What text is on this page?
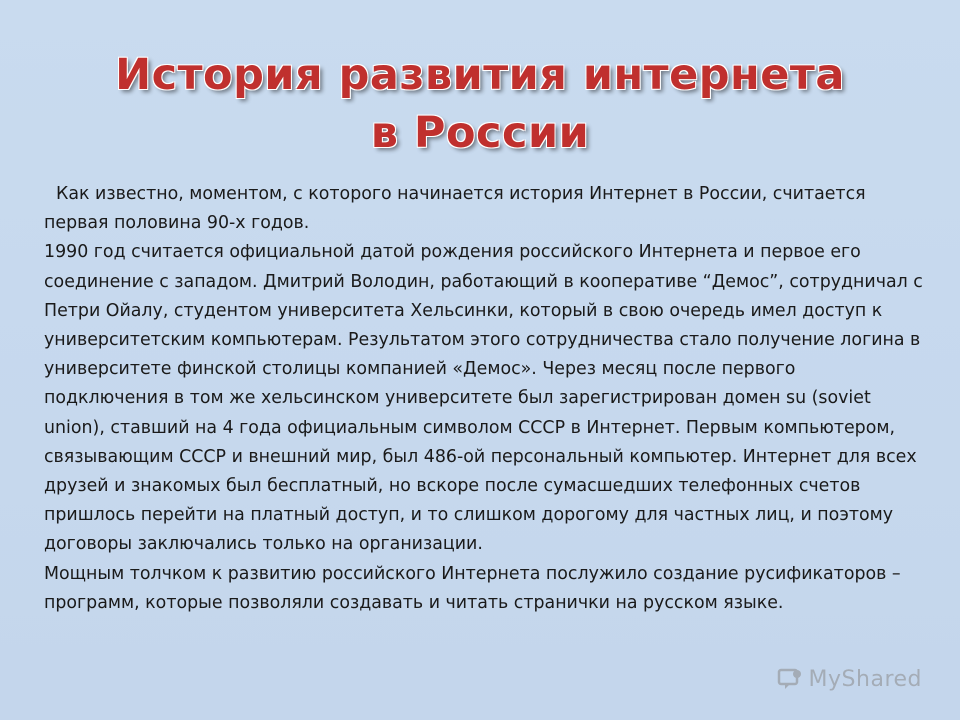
История развития интернета
в России

Как известно, моментом, с которого начинается история Интернет в России, считается первая половина 90-х годов.

1990 год считается официальной датой рождения российского Интернета и первое его соединение с западом. Дмитрий Володин, работающий в кооперативе “Демос”, сотрудничал с Петри Ойалу, студентом университета Хельсинки, который в свою очередь имел доступ к университетским компьютерам. Результатом этого сотрудничества стало получение логина в университете финской столицы компанией «Демос». Через месяц после первого подключения в том же хельсинском университете был зарегистрирован домен su (soviet union), ставший на 4 года официальным символом СССР в Интернет. Первым компьютером, связывающим СССР и внешний мир, был 486-ой персональный компьютер. Интернет для всех друзей и знакомых был бесплатный, но вскоре после сумасшедших телефонных счетов пришлось перейти на платный доступ, и то слишком дорогому для частных лиц, и поэтому договоры заключались только на организации.

Мощным толчком к развитию российского Интернета послужило создание русификаторов – программ, которые позволяли создавать и читать странички на русском языке.

MyShared
